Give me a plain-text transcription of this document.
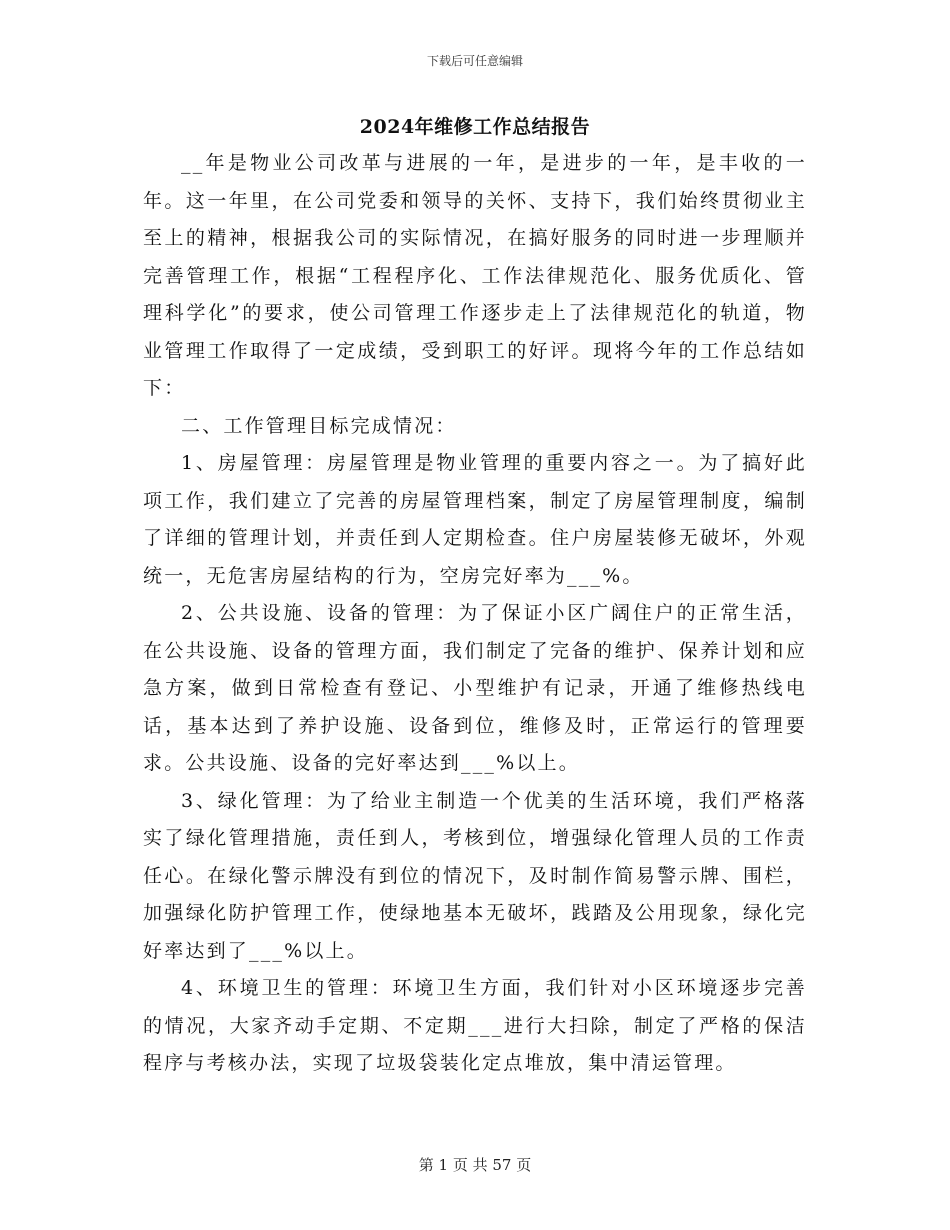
下载后可任意编辑
2024年维修工作总结报告

__年是物业公司改革与进展的一年，是进步的一年，是丰收的一年。这一年里，在公司党委和领导的关怀、支持下，我们始终贯彻业主至上的精神，根据我公司的实际情况，在搞好服务的同时进一步理顺并完善管理工作，根据“工程程序化、工作法律规范化、服务优质化、管理科学化”的要求，使公司管理工作逐步走上了法律规范化的轨道，物业管理工作取得了一定成绩，受到职工的好评。现将今年的工作总结如下：

二、工作管理目标完成情况：

1、房屋管理：房屋管理是物业管理的重要内容之一。为了搞好此项工作，我们建立了完善的房屋管理档案，制定了房屋管理制度，编制了详细的管理计划，并责任到人定期检查。住户房屋装修无破坏，外观统一，无危害房屋结构的行为，空房完好率为___%。

2、公共设施、设备的管理：为了保证小区广阔住户的正常生活，在公共设施、设备的管理方面，我们制定了完备的维护、保养计划和应急方案，做到日常检查有登记、小型维护有记录，开通了维修热线电话，基本达到了养护设施、设备到位，维修及时，正常运行的管理要求。公共设施、设备的完好率达到___%以上。

3、绿化管理：为了给业主制造一个优美的生活环境，我们严格落实了绿化管理措施，责任到人，考核到位，增强绿化管理人员的工作责任心。在绿化警示牌没有到位的情况下，及时制作简易警示牌、围栏，加强绿化防护管理工作，使绿地基本无破坏，践踏及公用现象，绿化完好率达到了___%以上。

4、环境卫生的管理：环境卫生方面，我们针对小区环境逐步完善的情况，大家齐动手定期、不定期___进行大扫除，制定了严格的保洁程序与考核办法，实现了垃圾袋装化定点堆放，集中清运管理。

第 1 页 共 57 页
